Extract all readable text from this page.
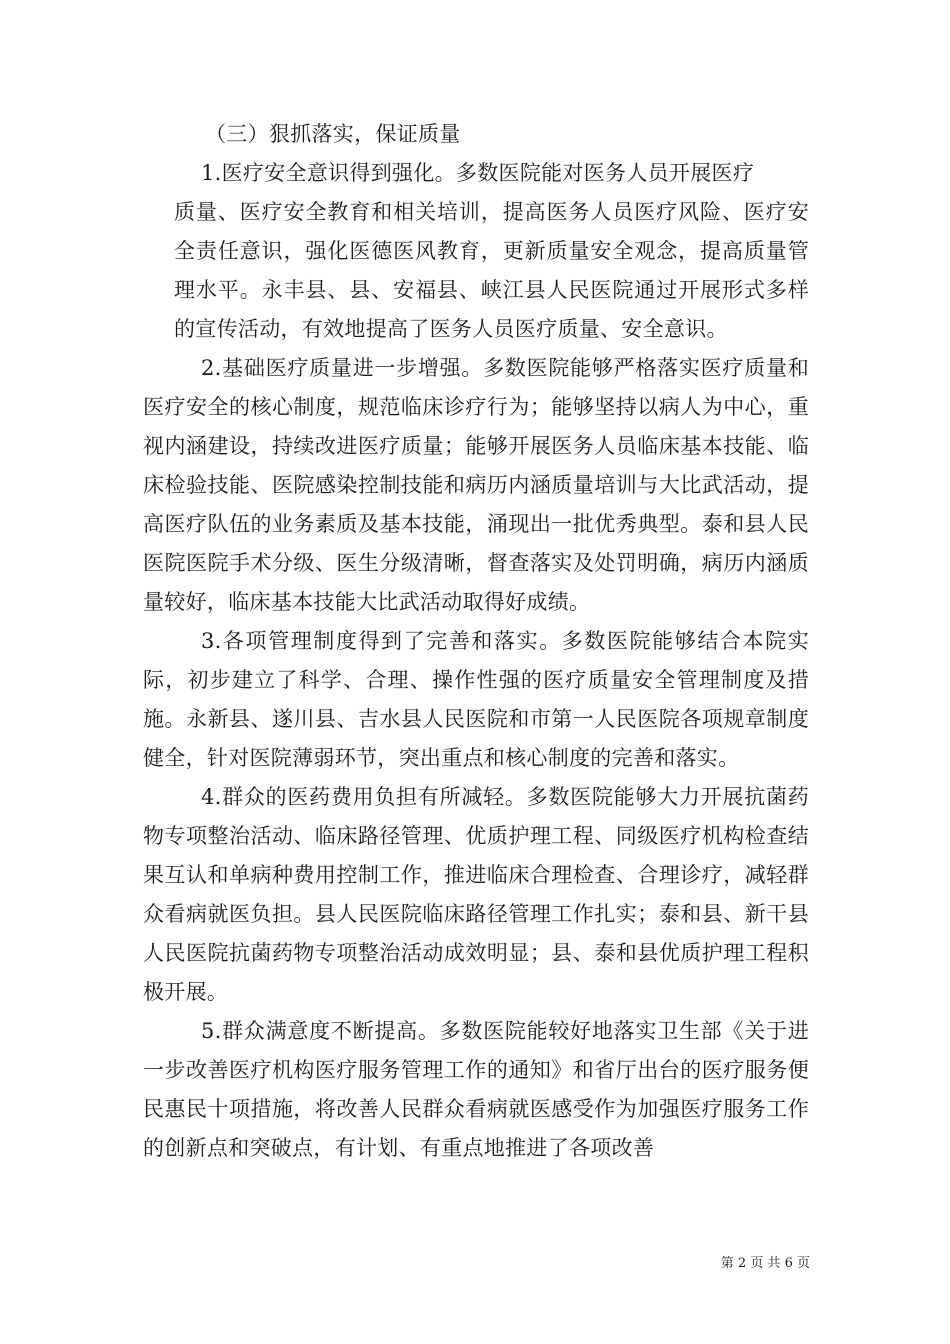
（三）狠抓落实，保证质量

1.医疗安全意识得到强化。多数医院能对医务人员开展医疗

质量、医疗安全教育和相关培训，提高医务人员医疗风险、医疗安全责任意识，强化医德医风教育，更新质量安全观念，提高质量管理水平。永丰县、县、安福县、峡江县人民医院通过开展形式多样的宣传活动，有效地提高了医务人员医疗质量、安全意识。

2.基础医疗质量进一步增强。多数医院能够严格落实医疗质量和医疗安全的核心制度，规范临床诊疗行为；能够坚持以病人为中心，重视内涵建设，持续改进医疗质量；能够开展医务人员临床基本技能、临床检验技能、医院感染控制技能和病历内涵质量培训与大比武活动，提高医疗队伍的业务素质及基本技能，涌现出一批优秀典型。泰和县人民医院医院手术分级、医生分级清晰，督查落实及处罚明确，病历内涵质量较好，临床基本技能大比武活动取得好成绩。

3.各项管理制度得到了完善和落实。多数医院能够结合本院实际，初步建立了科学、合理、操作性强的医疗质量安全管理制度及措施。永新县、遂川县、吉水县人民医院和市第一人民医院各项规章制度健全，针对医院薄弱环节，突出重点和核心制度的完善和落实。

4.群众的医药费用负担有所减轻。多数医院能够大力开展抗菌药物专项整治活动、临床路径管理、优质护理工程、同级医疗机构检查结果互认和单病种费用控制工作，推进临床合理检查、合理诊疗，减轻群众看病就医负担。县人民医院临床路径管理工作扎实；泰和县、新干县人民医院抗菌药物专项整治活动成效明显；县、泰和县优质护理工程积极开展。

5.群众满意度不断提高。多数医院能较好地落实卫生部《关于进一步改善医疗机构医疗服务管理工作的通知》和省厅出台的医疗服务便民惠民十项措施，将改善人民群众看病就医感受作为加强医疗服务工作的创新点和突破点，有计划、有重点地推进了各项改善

第 2 页 共 6 页
